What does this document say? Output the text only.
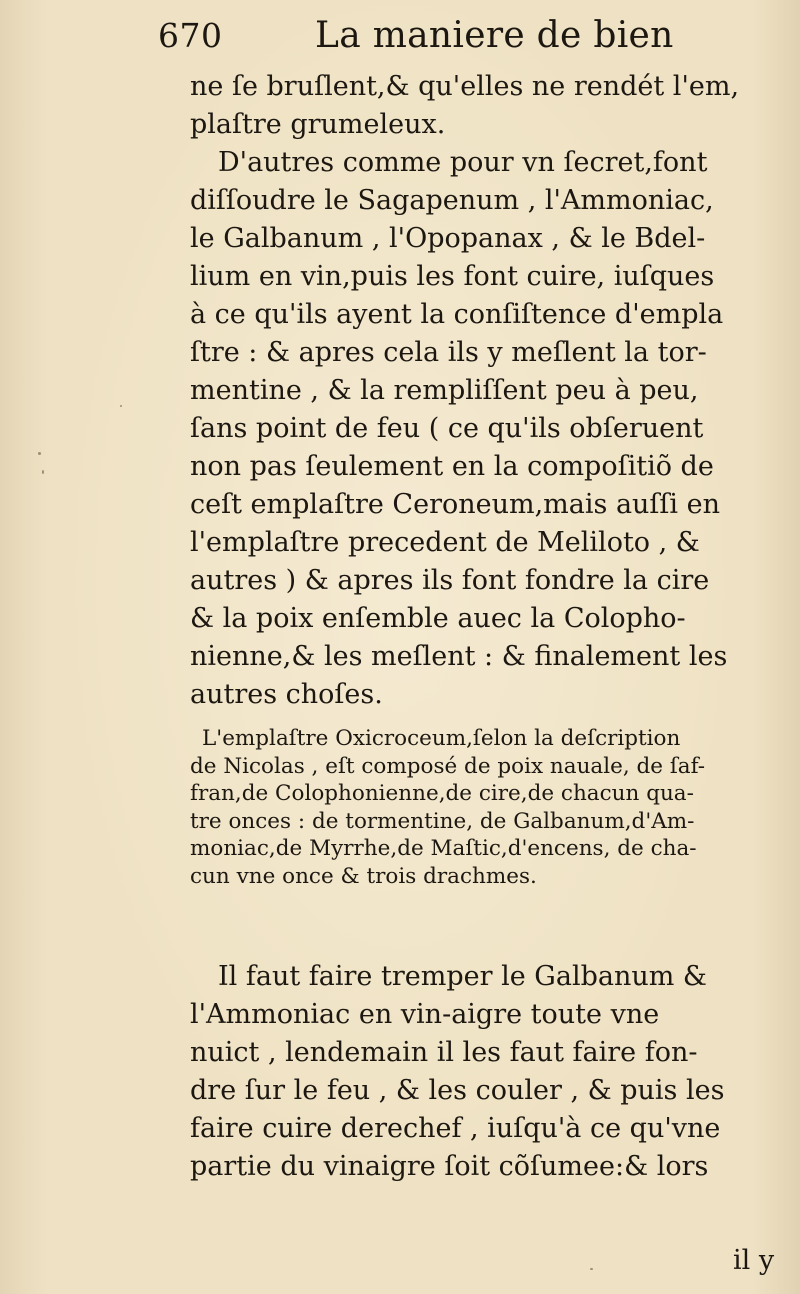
670	La maniere de bien
ne ſe bruſlent,& qu'elles ne rendét l'em,
plaſtre grumeleux.
D'autres comme pour vn ſecret,font
diſſoudre le Sagapenum , l'Ammoniac,
le Galbanum , l'Opopanax , & le Bdel-
lium en vin,puis les font cuire, iuſques
à ce qu'ils ayent la conſiſtence d'empla
ſtre : & apres cela ils y meſlent la tor-
mentine , & la rempliſſent peu à peu,
ſans point de feu ( ce qu'ils obſeruent
non pas ſeulement en la compoſitiõ de
ceſt emplaſtre Ceroneum,mais auſſi en
l'emplaſtre precedent de Meliloto , &
autres ) & apres ils font fondre la cire
& la poix enſemble auec la Colopho-
nienne,& les meſlent : & finalement les
autres choſes.
L'emplaſtre Oxicroceum,ſelon la deſcription
de Nicolas , eſt composé de poix nauale, de ſaf-
fran,de Colophonienne,de cire,de chacun qua-
tre onces : de tormentine, de Galbanum,d'Am-
moniac,de Myrrhe,de Maſtic,d'encens, de cha-
cun vne once & trois drachmes.
Il faut faire tremper le Galbanum &
l'Ammoniac en vin-aigre toute vne
nuict , lendemain il les faut faire fon-
dre ſur le feu , & les couler , & puis les
faire cuire derechef , iuſqu'à ce qu'vne
partie du vinaigre ſoit cõſumee:& lors
il y
